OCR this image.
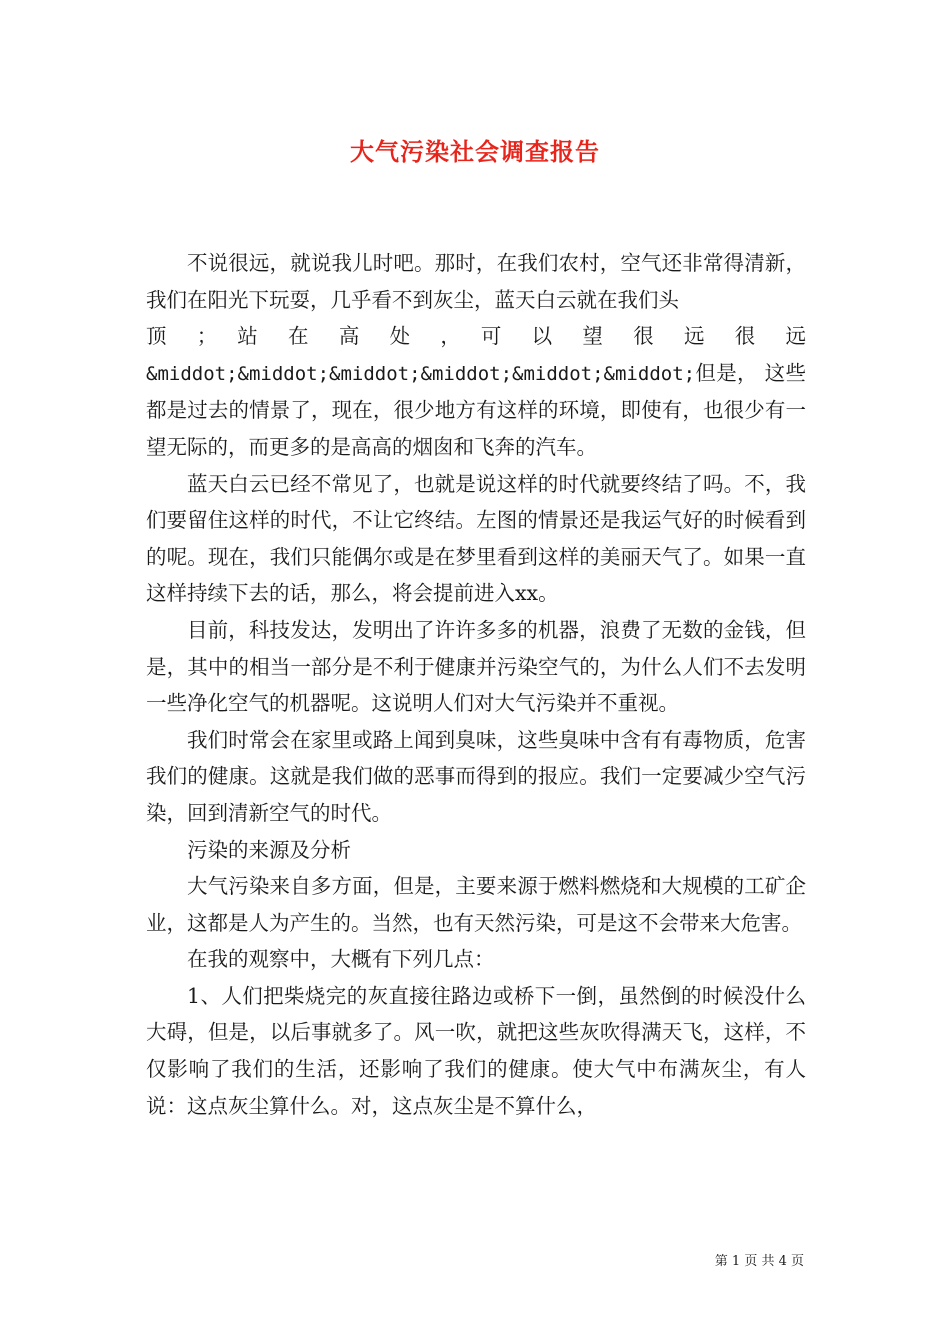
大气污染社会调查报告

不说很远，就说我儿时吧。那时，在我们农村，空气还非常得清新，我们在阳光下玩耍，几乎看不到灰尘，蓝天白云就在我们头

顶　；　站　在　高　处　，　可　以　望　很　远　很　远

&middot;&middot;&middot;&middot;&middot;&middot;但是， 这些都是过去的情景了，现在，很少地方有这样的环境，即使有，也很少有一望无际的，而更多的是高高的烟囱和飞奔的汽车。

蓝天白云已经不常见了，也就是说这样的时代就要终结了吗。不，我们要留住这样的时代，不让它终结。左图的情景还是我运气好的时候看到的呢。现在，我们只能偶尔或是在梦里看到这样的美丽天气了。如果一直这样持续下去的话，那么，将会提前进入xx。

目前，科技发达，发明出了许许多多的机器，浪费了无数的金钱，但是，其中的相当一部分是不利于健康并污染空气的，为什么人们不去发明一些净化空气的机器呢。这说明人们对大气污染并不重视。

我们时常会在家里或路上闻到臭味，这些臭味中含有有毒物质，危害我们的健康。这就是我们做的恶事而得到的报应。我们一定要减少空气污染，回到清新空气的时代。

污染的来源及分析

大气污染来自多方面，但是，主要来源于燃料燃烧和大规模的工矿企业，这都是人为产生的。当然，也有天然污染，可是这不会带来大危害。

在我的观察中，大概有下列几点：

1、人们把柴烧完的灰直接往路边或桥下一倒，虽然倒的时候没什么大碍，但是，以后事就多了。风一吹，就把这些灰吹得满天飞，这样，不仅影响了我们的生活，还影响了我们的健康。使大气中布满灰尘，有人说：这点灰尘算什么。对，这点灰尘是不算什么，

第 1 页 共 4 页
